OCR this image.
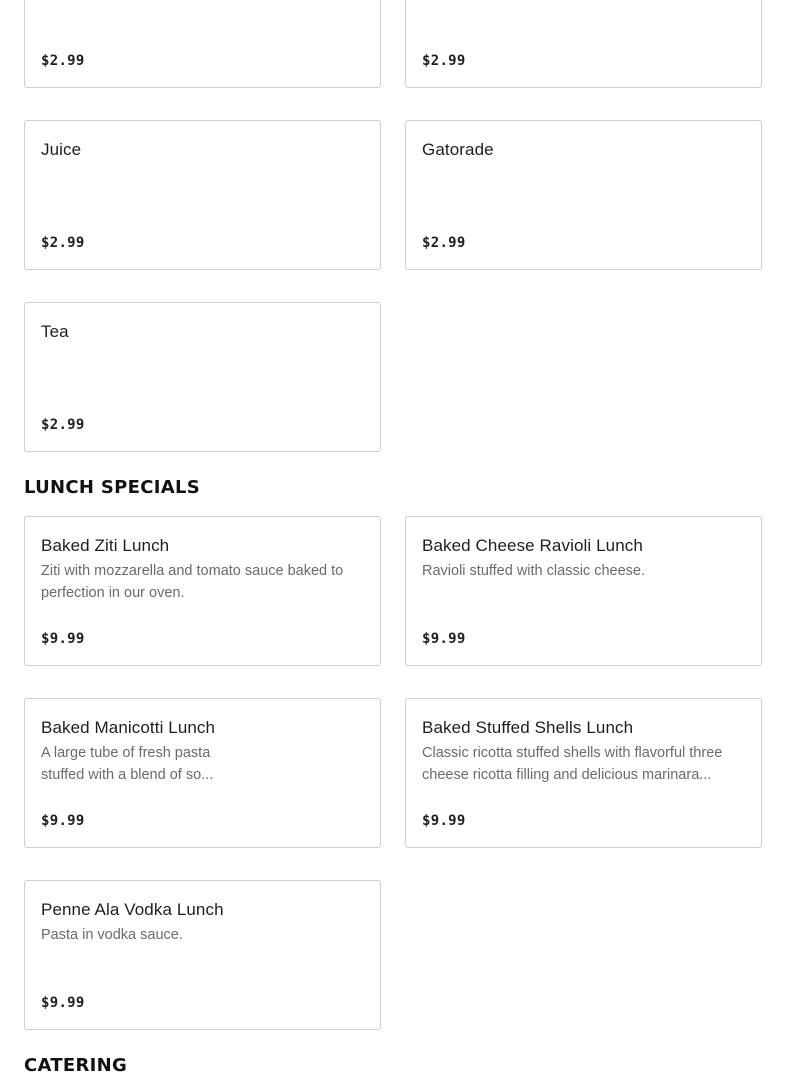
$2.99	$2.99
Juice
$2.99
Gatorade
$2.99
Tea
$2.99
LUNCH SPECIALS
Baked Ziti Lunch
Ziti with mozzarella and tomato sauce baked to perfection in our oven.
$9.99
Baked Cheese Ravioli Lunch
Ravioli stuffed with classic cheese.
$9.99
Baked Manicotti Lunch
A large tube of fresh pasta stuffed with a blend of so...
$9.99
Baked Stuffed Shells Lunch
Classic ricotta stuffed shells with flavorful three cheese ricotta filling and delicious marinara...
$9.99
Penne Ala Vodka Lunch
Pasta in vodka sauce.
$9.99
CATERING
